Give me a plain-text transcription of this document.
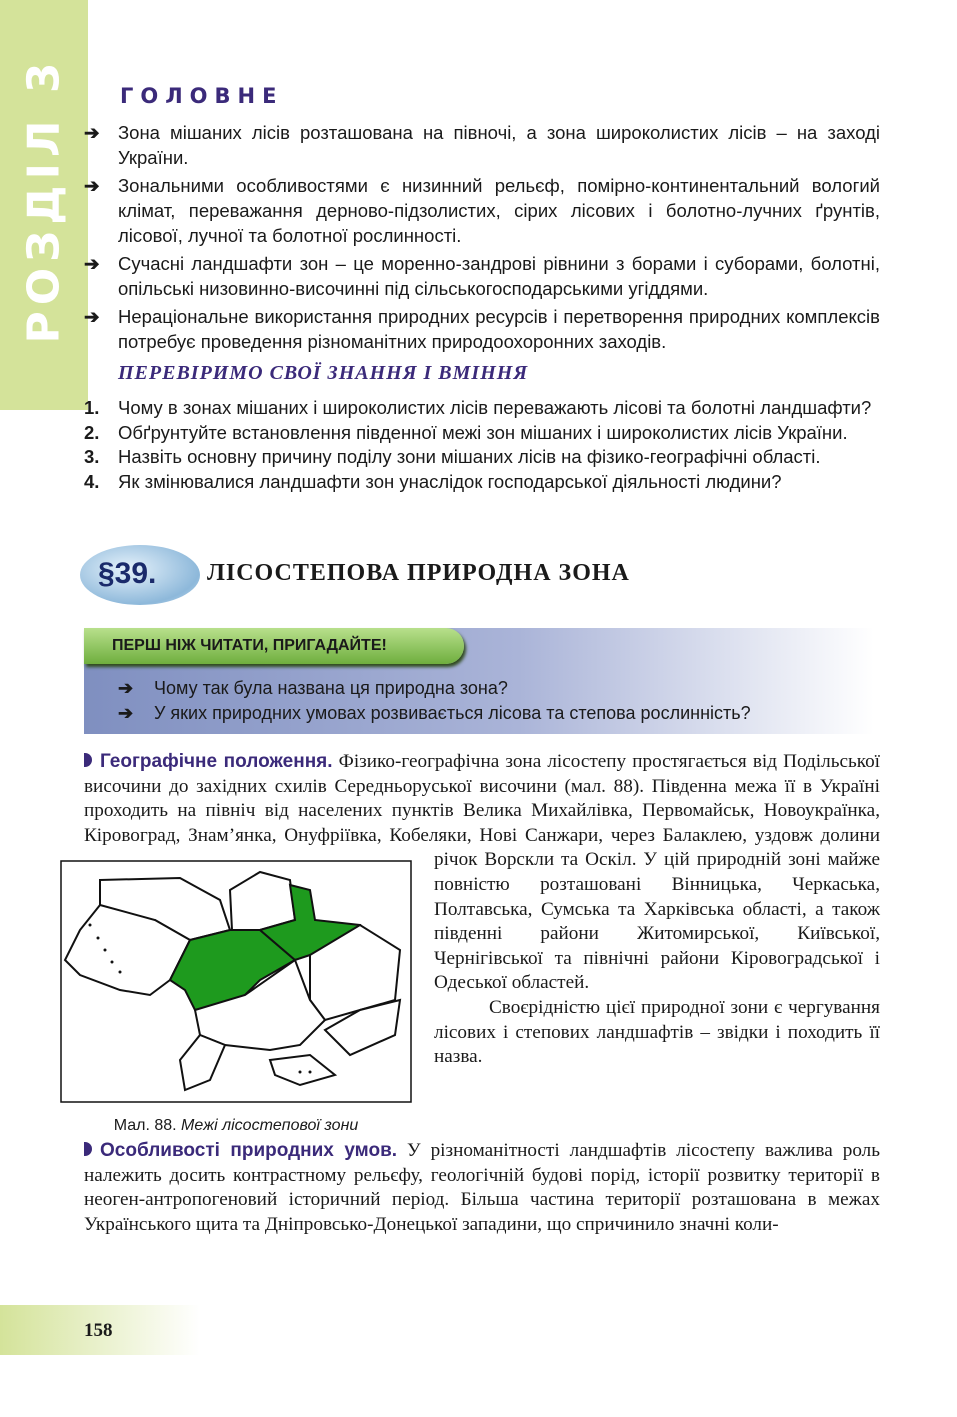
РОЗДІЛ 3 ГОЛОВНЕ
➔ Зона мішаних лісів розташована на півночі, а зона широколистих лісів – на заході України.
➔ Зональними особливостями є низинний рельєф, помірно-континентальний вологий клімат, переважання дерново-підзолистих, сірих лісових і болотно-лучних ґрунтів, лісової, лучної та болотної рослинності.
➔ Сучасні ландшафти зон – це моренно-зандрові рівнини з борами і суборами, болотні, опільські низовинно-височинні під сільськогосподарськими угіддями.
➔ Нераціональне використання природних ресурсів і перетворення природних комплексів потребує проведення різноманітних природоохоронних заходів.
ПЕРЕВІРИМО СВОЇ ЗНАННЯ І ВМІННЯ
1. Чому в зонах мішаних і широколистих лісів переважають лісові та болотні ландшафти?
2. Обґрунтуйте встановлення південної межі зон мішаних і широколистих лісів України.
3. Назвіть основну причину поділу зони мішаних лісів на фізико-географічні області.
4. Як змінювалися ландшафти зон унаслідок господарської діяльності людини?
§39. ЛІСОСТЕПОВА ПРИРОДНА ЗОНА
ПЕРШ НІЖ ЧИТАТИ, ПРИГАДАЙТЕ!
➔ Чому так була названа ця природна зона?
➔ У яких природних умовах розвивається лісова та степова рослинність?
Мал. 88. Межі лісостепової зони

Географічне положення. Фізико-географічна зона лісостепу простягається від Подільської височини до західних схилів Середньоруської височини (мал. 88). Південна межа її в Україні проходить на північ від населених пунктів Велика Михайлівка, Первомайськ, Новоукраїнка, Кіровоград, Знам’янка, Онуфріївка, Кобеляки, Нові Санжари, через Балаклею, уздовж долини річок Ворскли та Оскіл. У цій природній зоні майже повністю розташовані Вінницька, Черкаська, Полтавська, Сумська та Харківська області, а також південні райони Житомирської, Київської, Чернігівської та північні райони Кіровоградської і Одеської областей.

Своєрідністю цієї природної зони є чергування лісових і степових ландшафтів – звідки і походить її назва.

Особливості природних умов. У різноманітності ландшафтів лісостепу важлива роль належить досить контрастному рельєфу, геологічній будові порід, історії розвитку території в неоген-антропогеновий історичний період. Більша частина території розташована в межах Українського щита та Дніпровсько-Донецької западини, що спричинило значні коли-

158
